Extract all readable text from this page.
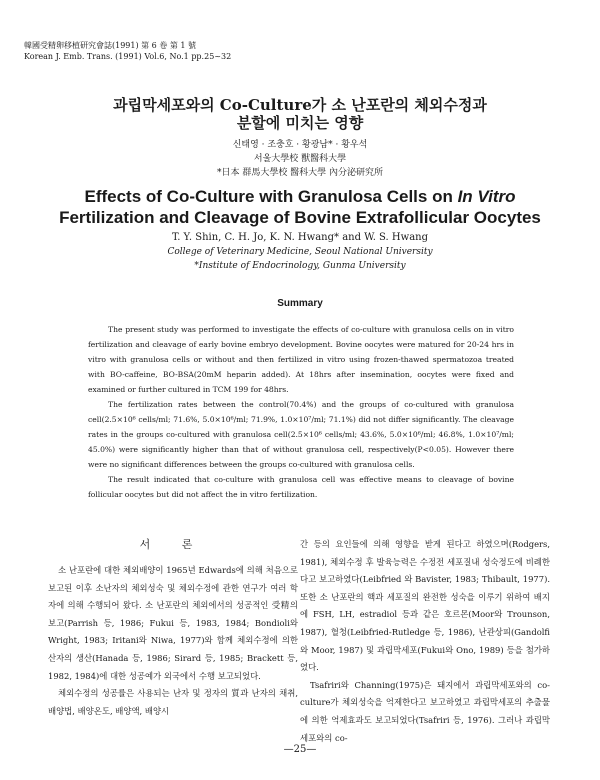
韓國受精卵移植研究會誌(1991) 第 6 卷 第 1 號
Korean J. Emb. Trans. (1991) Vol.6, No.1 pp.25~32
과립막세포와의 Co-Culture가 소 난포란의 체외수정과
분할에 미치는 영향
신태영 · 조충호 · 황광남* · 황우석
서울大學校 獸醫科大學
*日本 群馬大學校 醫科大學 內分泌研究所
Effects of Co-Culture with Granulosa Cells on In Vitro
Fertilization and Cleavage of Bovine Extrafollicular Oocytes
T. Y. Shin, C. H. Jo, K. N. Hwang* and W. S. Hwang
College of Veterinary Medicine, Seoul National University
*Institute of Endocrinology, Gunma University
Summary

The present study was performed to investigate the effects of co-culture with granulosa cells on in vitro fertilization and cleavage of early bovine embryo development. Bovine oocytes were matured for 20-24 hrs in vitro with granulosa cells or without and then fertilized in vitro using frozen-thawed spermatozoa treated with BO-caffeine, BO-BSA(20mM heparin added). At 18hrs after insemination, oocytes were fixed and examined or further cultured in TCM 199 for 48hrs.

The fertilization rates between the control(70.4%) and the groups of co-cultured with granulosa cell(2.5×10⁶ cells/ml; 71.6%, 5.0×10⁶/ml; 71.9%, 1.0×10⁷/ml; 71.1%) did not differ significantly. The cleavage rates in the groups co-cultured with granulosa cell(2.5×10⁶ cells/ml; 43.6%, 5.0×10⁶/ml; 46.8%, 1.0×10⁷/ml; 45.0%) were significantly higher than that of without granulosa cell, respectively(P<0.05). However there were no significant differences between the groups co-cultured with granulosa cells.

The result indicated that co-culture with granulosa cell was effective means to cleavage of bovine follicular oocytes but did not affect the in vitro fertilization.

서 론

소 난포란에 대한 체외배양이 1965년 Edwards에 의해 처음으로 보고된 이후 소난자의 체외성숙 및 체외수정에 관한 연구가 여러 학자에 의해 수행되어 왔다. 소 난포란의 체외에서의 성공적인 受精의 보고(Parrish 등, 1986; Fukui 등, 1983, 1984; Bondioli와 Wright, 1983; Iritani와 Niwa, 1977)와 함께 체외수정에 의한 산자의 생산(Hanada 등, 1986; Sirard 등, 1985; Brackett 등, 1982, 1984)에 대한 성공예가 외국에서 수행 보고되었다.

체외수정의 성공률은 사용되는 난자 및 정자의 質과 난자의 채취, 배양법, 배양온도, 배양액, 배양시

간 등의 요인들에 의해 영향을 받게 된다고 하였으며(Rodgers, 1981), 체외수정 후 발육능력은 수정전 세포질내 성숙정도에 비례한다고 보고하였다(Leibfried 와 Bavister, 1983; Thibault, 1977). 또한 소 난포란의 핵과 세포질의 완전한 성숙을 이루기 위하여 배지에 FSH, LH, estradiol 등과 같은 호르몬(Moor와 Trounson, 1987), 혈청(Leibfried-Rutledge 등, 1986), 난관상피(Gandolfi와 Moor, 1987) 및 과립막세포(Fukui와 Ono, 1989) 등을 첨가하였다.

Tsafriri와 Channing(1975)은 돼지에서 과립막세포와의 co-culture가 체외성숙을 억제한다고 보고하였고 과립막세포의 추출물에 의한 억제효과도 보고되었다(Tsafriri 등, 1976). 그러나 과립막세포와의 co-

—25—
